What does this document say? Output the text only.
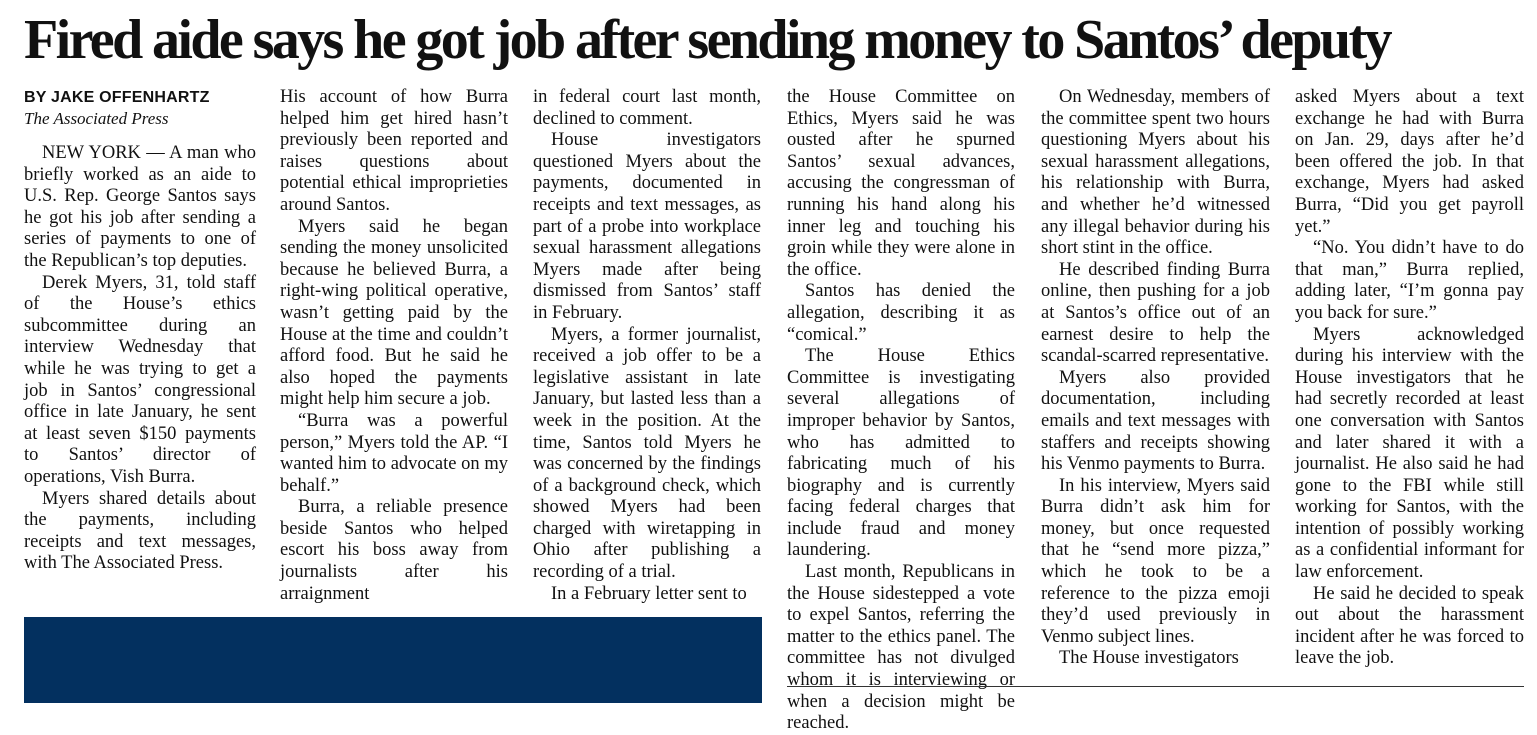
Fired aide says he got job after sending money to Santos’ deputy
BY JAKE OFFENHARTZ
The Associated Press

NEW YORK — A man who briefly worked as an aide to U.S. Rep. George Santos says he got his job after sending a series of payments to one of the Republican’s top deputies.

Derek Myers, 31, told staff of the House’s ethics subcommittee during an interview Wednesday that while he was trying to get a job in Santos’ congressional office in late January, he sent at least seven $150 payments to Santos’ director of operations, Vish Burra.

Myers shared details about the payments, including receipts and text messages, with The Associated Press.

His account of how Burra helped him get hired hasn’t previously been reported and raises questions about potential ethical improprieties around Santos.

Myers said he began sending the money unsolicited because he believed Burra, a right-wing political operative, wasn’t getting paid by the House at the time and couldn’t afford food. But he said he also hoped the payments might help him secure a job.

“Burra was a powerful person,” Myers told the AP. “I wanted him to advocate on my behalf.”

Burra, a reliable presence beside Santos who helped escort his boss away from journalists after his arraignment

in federal court last month, declined to comment.

House investigators questioned Myers about the payments, documented in receipts and text messages, as part of a probe into workplace sexual harassment allegations Myers made after being dismissed from Santos’ staff in February.

Myers, a former journalist, received a job offer to be a legislative assistant in late January, but lasted less than a week in the position. At the time, Santos told Myers he was concerned by the findings of a background check, which showed Myers had been charged with wiretapping in Ohio after publishing a recording of a trial.

In a February letter sent to

the House Committee on Ethics, Myers said he was ousted after he spurned Santos’ sexual advances, accusing the congressman of running his hand along his inner leg and touching his groin while they were alone in the office.

Santos has denied the allegation, describing it as “comical.”

The House Ethics Committee is investigating several allegations of improper behavior by Santos, who has admitted to fabricating much of his biography and is currently facing federal charges that include fraud and money laundering.

Last month, Republicans in the House sidestepped a vote to expel Santos, referring the matter to the ethics panel. The committee has not divulged whom it is interviewing or when a decision might be reached.

On Wednesday, members of the committee spent two hours questioning Myers about his sexual harassment allegations, his relationship with Burra, and whether he’d witnessed any illegal behavior during his short stint in the office.

He described finding Burra online, then pushing for a job at Santos’s office out of an earnest desire to help the scandal-scarred representative.

Myers also provided documentation, including emails and text messages with staffers and receipts showing his Venmo payments to Burra.

In his interview, Myers said Burra didn’t ask him for money, but once requested that he “send more pizza,” which he took to be a reference to the pizza emoji they’d used previously in Venmo subject lines.

The House investigators

asked Myers about a text exchange he had with Burra on Jan. 29, days after he’d been offered the job. In that exchange, Myers had asked Burra, “Did you get payroll yet.”

“No. You didn’t have to do that man,” Burra replied, adding later, “I’m gonna pay you back for sure.”

Myers acknowledged during his interview with the House investigators that he had secretly recorded at least one conversation with Santos and later shared it with a journalist. He also said he had gone to the FBI while still working for Santos, with the intention of possibly working as a confidential informant for law enforcement.

He said he decided to speak out about the harassment incident after he was forced to leave the job.
